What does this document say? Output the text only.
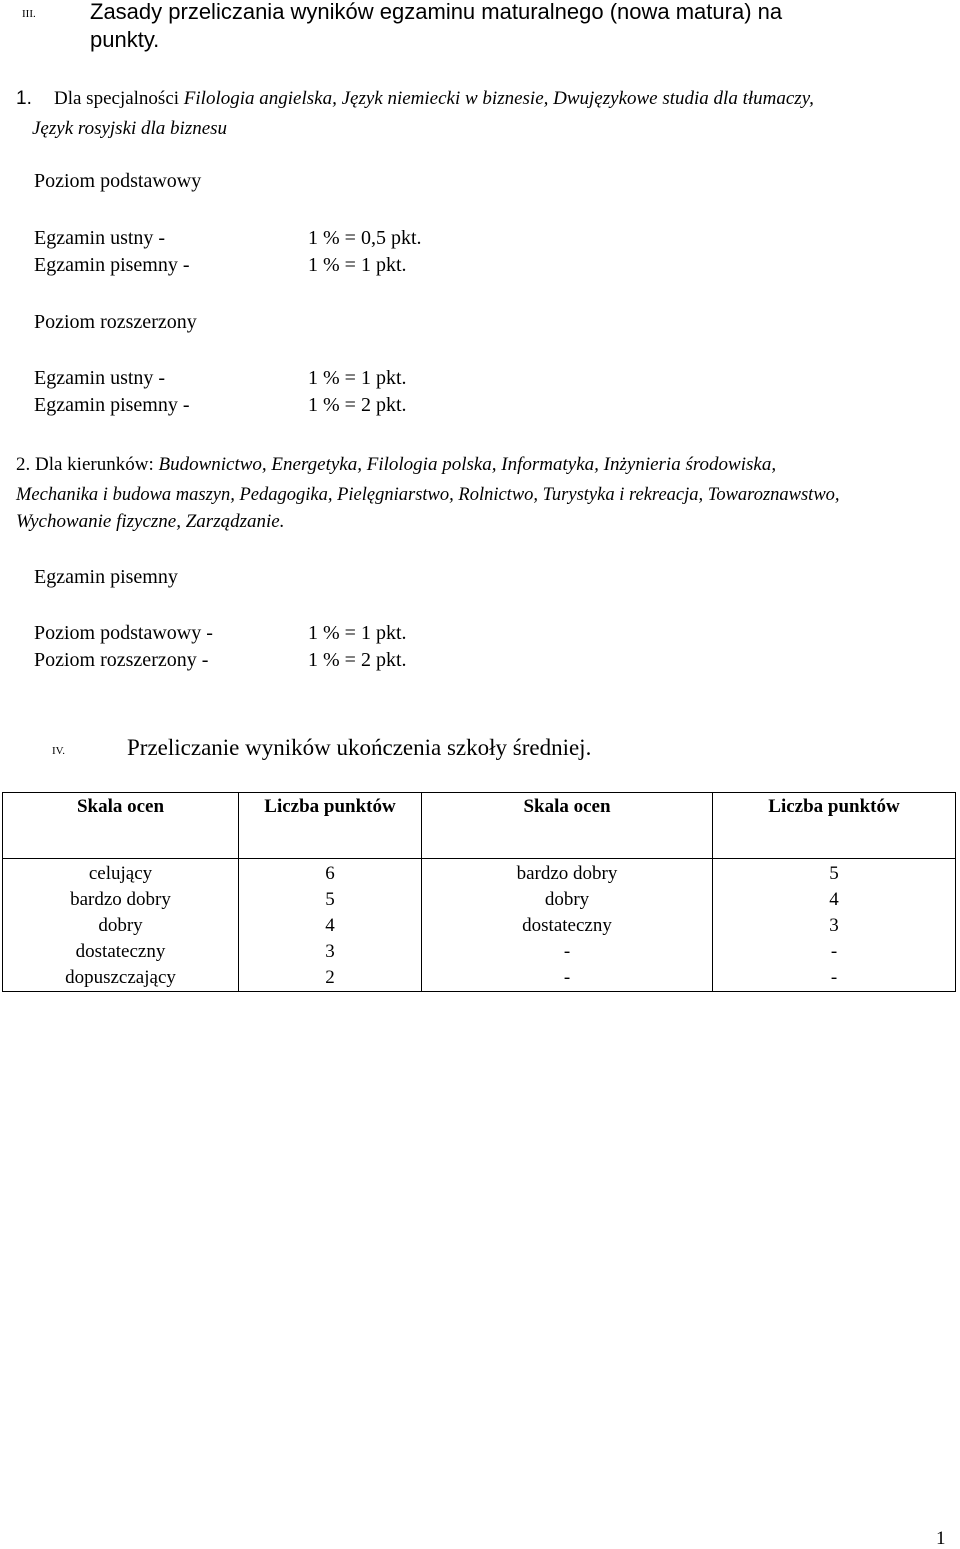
III. Zasady przeliczania wyników egzaminu maturalnego (nowa matura) na
punkty.
1. Dla specjalności Filologia angielska, Język niemiecki w biznesie, Dwujęzykowe studia dla tłumaczy,
Język rosyjski dla biznesu
Poziom podstawowy
Egzamin ustny -	1 % = 0,5 pkt.
Egzamin pisemny -	1 % = 1 pkt.
Poziom rozszerzony
Egzamin ustny -	1 % = 1 pkt.
Egzamin pisemny -	1 % = 2 pkt.
2. Dla kierunków: Budownictwo, Energetyka, Filologia polska, Informatyka, Inżynieria środowiska,
Mechanika i budowa maszyn, Pedagogika, Pielęgniarstwo, Rolnictwo, Turystyka i rekreacja, Towaroznawstwo,
Wychowanie fizyczne, Zarządzanie.
Egzamin pisemny
Poziom podstawowy -	1 % = 1 pkt.
Poziom rozszerzony -	1 % = 2 pkt.
IV.	Przeliczanie wyników ukończenia szkoły średniej.
Skala ocen	Liczba punktów	Skala ocen	Liczba punktów
celujący	6	bardzo dobry	5
bardzo dobry	5	dobry	4
dobry	4	dostateczny	3
dostateczny	3	-	-
dopuszczający	2	-	-
1
